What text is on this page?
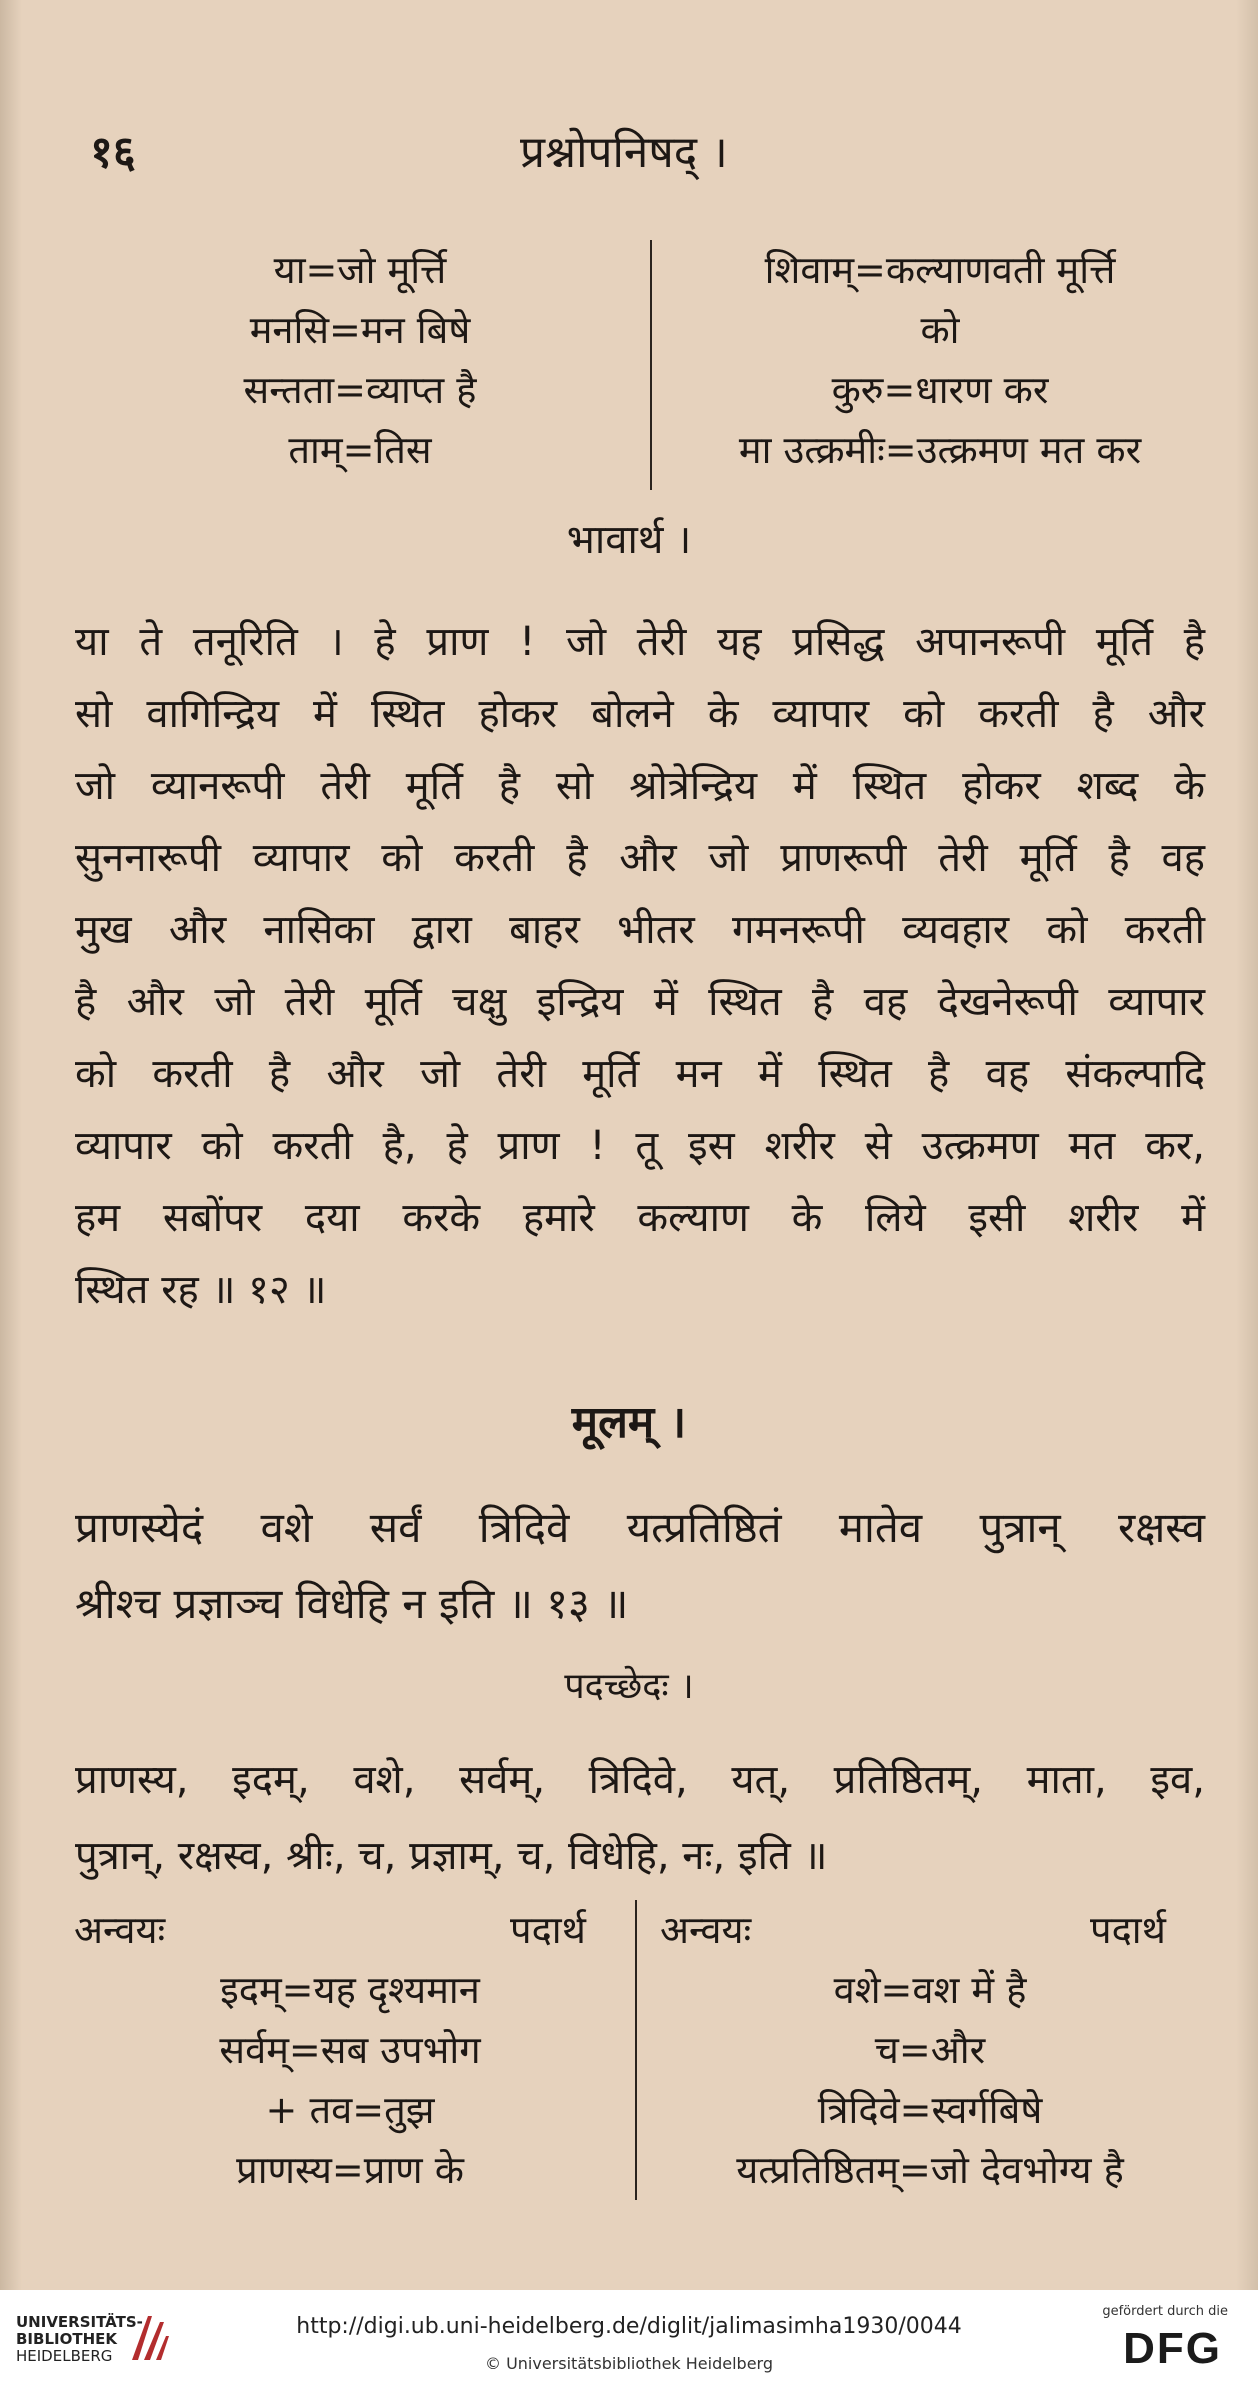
१६	प्रश्नोपनिषद् ।
या=जो मूर्त्ति
मनसि=मन बिषे
सन्तता=व्याप्त है
ताम्=तिस
शिवाम्=कल्याणवती मूर्त्ति
को
कुरु=धारण कर
मा उत्क्रमीः=उत्क्रमण मत कर
भावार्थ ।
या ते तनूरिति । हे प्राण ! जो तेरी यह प्रसिद्ध अपानरूपी मूर्ति है
सो वागिन्द्रिय में स्थित होकर बोलने के व्यापार को करती है और
जो व्यानरूपी तेरी मूर्ति है सो श्रोत्रेन्द्रिय में स्थित होकर शब्द के
सुननारूपी व्यापार को करती है और जो प्राणरूपी तेरी मूर्ति है वह
मुख और नासिका द्वारा बाहर भीतर गमनरूपी व्यवहार को करती
है और जो तेरी मूर्ति चक्षु इन्द्रिय में स्थित है वह देखनेरूपी व्यापार
को करती है और जो तेरी मूर्ति मन में स्थित है वह संकल्पादि
व्यापार को करती है, हे प्राण ! तू इस शरीर से उत्क्रमण मत कर,
हम सबोंपर दया करके हमारे कल्याण के लिये इसी शरीर में
स्थित रह ॥ १२ ॥
मूलम् ।
प्राणस्येदं वशे सर्वं त्रिदिवे यत्प्रतिष्ठितं मातेव पुत्रान् रक्षस्व
श्रीश्च प्रज्ञाञ्च विधेहि न इति ॥ १३ ॥
पदच्छेदः ।
प्राणस्य, इदम्, वशे, सर्वम्, त्रिदिवे, यत्, प्रतिष्ठितम्, माता, इव,
पुत्रान्, रक्षस्व, श्रीः, च, प्रज्ञाम्, च, विधेहि, नः, इति ॥
अन्वयः	पदार्थ अन्वयः	पदार्थ
इदम्=यह दृश्यमान
सर्वम्=सब उपभोग
+ तव=तुझ
प्राणस्य=प्राण के
वशे=वश में है
च=और
त्रिदिवे=स्वर्गबिषे
यत्प्रतिष्ठितम्=जो देवभोग्य है
UNIVERSITÄTS-
BIBLIOTHEK
HEIDELBERG
http://digi.ub.uni-heidelberg.de/diglit/jalimasimha1930/0044
© Universitätsbibliothek Heidelberg
gefördert durch die
DFG
